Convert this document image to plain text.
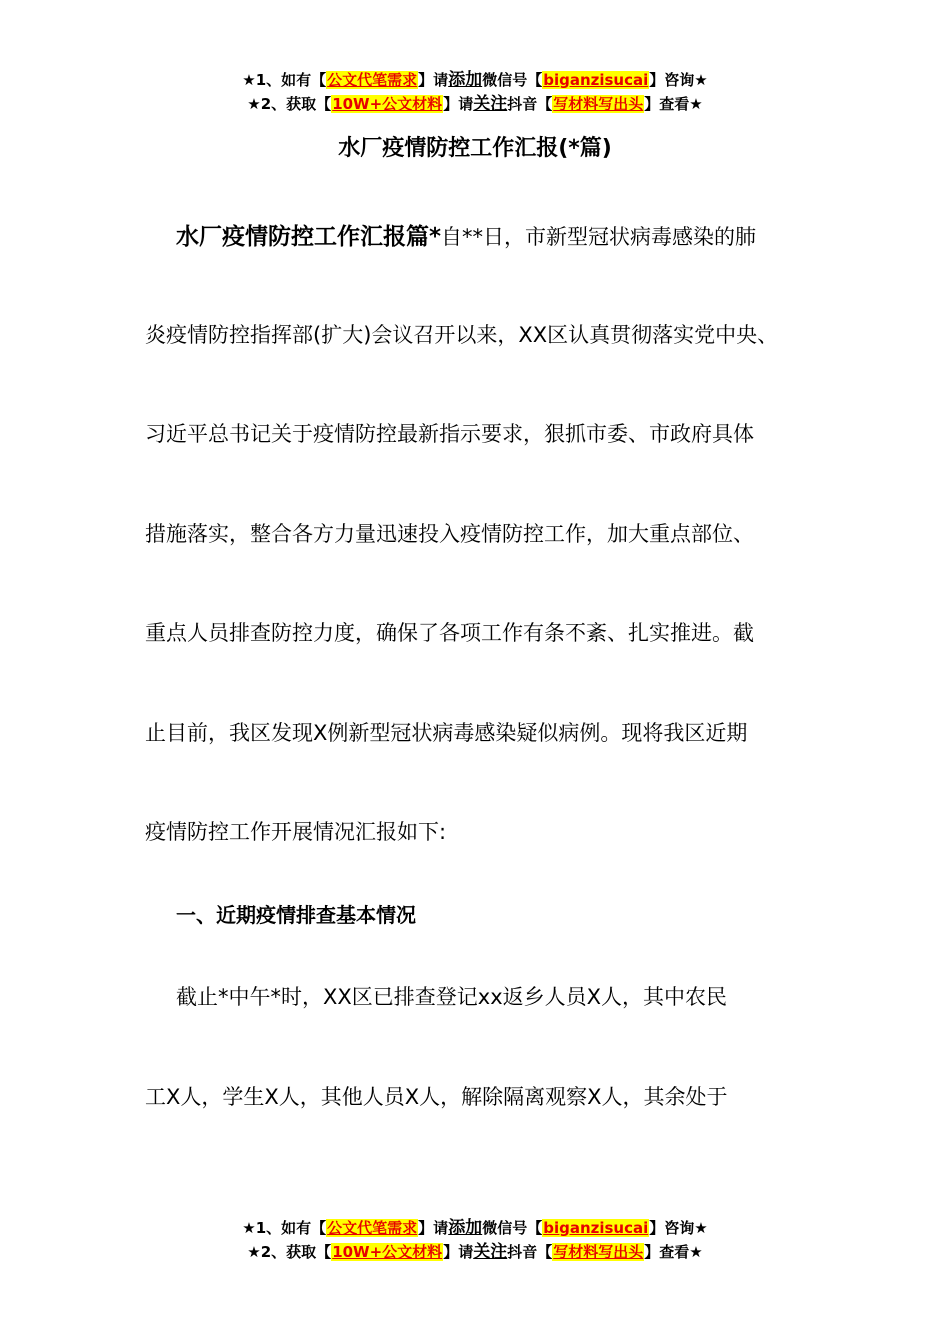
★1、如有【公文代笔需求】请添加微信号【biganzisucai】咨询★
★2、获取【10W+公文材料】请关注抖音【写材料写出头】查看★
水厂疫情防控工作汇报(*篇)
水厂疫情防控工作汇报篇*自**日，市新型冠状病毒感染的肺
炎疫情防控指挥部(扩大)会议召开以来，XX区认真贯彻落实党中央、
习近平总书记关于疫情防控最新指示要求，狠抓市委、市政府具体
措施落实，整合各方力量迅速投入疫情防控工作，加大重点部位、
重点人员排查防控力度，确保了各项工作有条不紊、扎实推进。截
止目前，我区发现X例新型冠状病毒感染疑似病例。现将我区近期
疫情防控工作开展情况汇报如下:
一、近期疫情排查基本情况
截止*中午*时，XX区已排查登记xx返乡人员X人，其中农民
工X人，学生X人，其他人员X人，解除隔离观察X人，其余处于
★1、如有【公文代笔需求】请添加微信号【biganzisucai】咨询★
★2、获取【10W+公文材料】请关注抖音【写材料写出头】查看★
